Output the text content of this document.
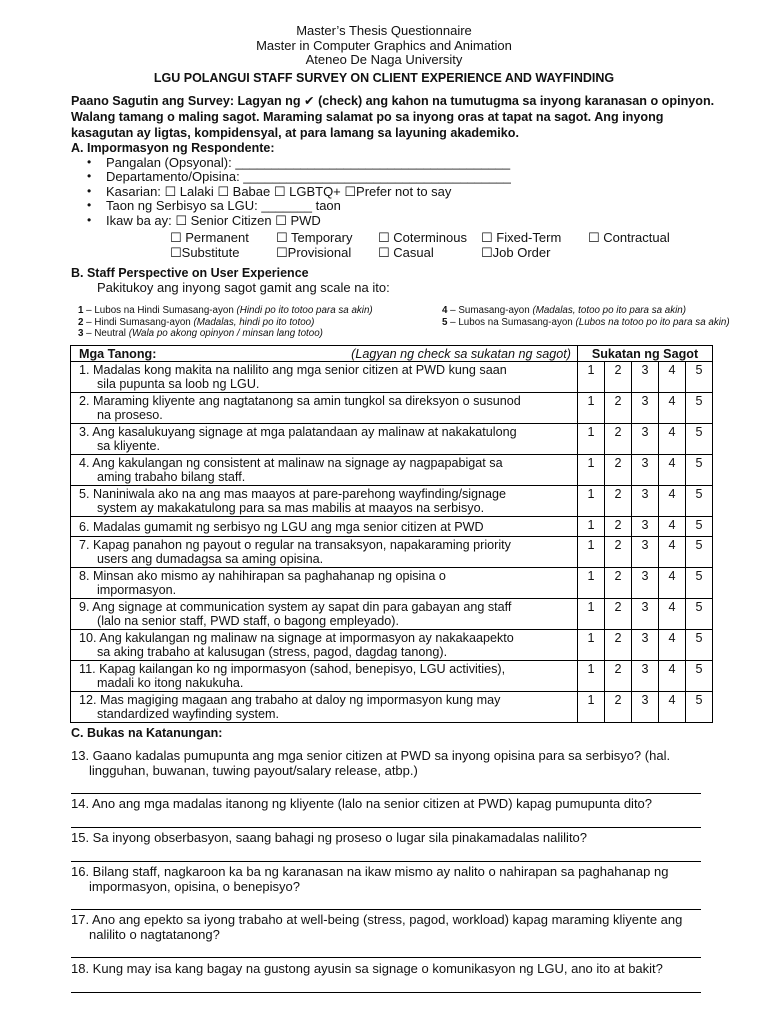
Master’s Thesis Questionnaire
Master in Computer Graphics and Animation
Ateneo De Naga University
LGU POLANGUI STAFF SURVEY ON CLIENT EXPERIENCE AND WAYFINDING
Paano Sagutin ang Survey: Lagyan ng ✔ (check) ang kahon na tumutugma sa inyong karanasan o opinyon. Walang tamang o maling sagot. Maraming salamat po sa inyong oras at tapat na sagot. Ang inyong kasagutan ay ligtas, kompidensyal, at para lamang sa layuning akademiko.
A. Impormasyon ng Respondente:
• Pangalan (Opsyonal): ______________________________________
• Departamento/Opisina: _____________________________________
• Kasarian: ☐ Lalaki ☐ Babae ☐ LGBTQ+ ☐Prefer not to say
• Taon ng Serbisyo sa LGU: _______ taon
• Ikaw ba ay: ☐ Senior Citizen ☐ PWD
☐ Permanent ☐ Temporary ☐ Coterminous ☐ Fixed-Term ☐ Contractual
☐Substitute	☐Provisional ☐ Casual	☐Job Order
B. Staff Perspective on User Experience
Pakitukoy ang inyong sagot gamit ang scale na ito:
1 – Lubos na Hindi Sumasang-ayon (Hindi po ito totoo para sa akin)
2 – Hindi Sumasang-ayon (Madalas, hindi po ito totoo)
3 – Neutral (Wala po akong opinyon / minsan lang totoo)
4 – Sumasang-ayon (Madalas, totoo po ito para sa akin)
5 – Lubos na Sumasang-ayon (Lubos na totoo po ito para sa akin)
Mga Tanong: (Lagyan ng check sa sukatan ng sagot)	Sukatan ng Sagot				

1. Madalas kong makita na nalilito ang mga senior citizen at PWD kung saan
sila pupunta sa loob ng LGU.	1	2	3	4	5

2. Maraming kliyente ang nagtatanong sa amin tungkol sa direksyon o susunod
na proseso.	1	2	3	4	5

3. Ang kasalukuyang signage at mga palatandaan ay malinaw at nakakatulong
sa kliyente.	1	2	3	4	5

4. Ang kakulangan ng consistent at malinaw na signage ay nagpapabigat sa
aming trabaho bilang staff.	1	2	3	4	5

5. Naniniwala ako na ang mas maayos at pare-parehong wayfinding/signage
system ay makakatulong para sa mas mabilis at maayos na serbisyo.	1	2	3	4	5

6. Madalas gumamit ng serbisyo ng LGU ang mga senior citizen at PWD	1	2	3	4	5

7. Kapag panahon ng payout o regular na transaksyon, napakaraming priority
users ang dumadagsa sa aming opisina.	1	2	3	4	5

8. Minsan ako mismo ay nahihirapan sa paghahanap ng opisina o
impormasyon.	1	2	3	4	5

9. Ang signage at communication system ay sapat din para gabayan ang staff
(lalo na senior staff, PWD staff, o bagong empleyado).	1	2	3	4	5

10. Ang kakulangan ng malinaw na signage at impormasyon ay nakakaapekto
sa aking trabaho at kalusugan (stress, pagod, dagdag tanong).	1	2	3	4	5

11. Kapag kailangan ko ng impormasyon (sahod, benepisyo, LGU activities),
madali ko itong nakukuha.	1	2	3	4	5

12. Mas magiging magaan ang trabaho at daloy ng impormasyon kung may
standardized wayfinding system.	1	2	3	4	5
C. Bukas na Katanungan:
13. Gaano kadalas pumupunta ang mga senior citizen at PWD sa inyong opisina para sa serbisyo? (hal.
lingguhan, buwanan, tuwing payout/salary release, atbp.)
14. Ano ang mga madalas itanong ng kliyente (lalo na senior citizen at PWD) kapag pumupunta dito?
15. Sa inyong obserbasyon, saang bahagi ng proseso o lugar sila pinakamadalas nalilito?
16. Bilang staff, nagkaroon ka ba ng karanasan na ikaw mismo ay nalito o nahirapan sa paghahanap ng
impormasyon, opisina, o benepisyo?
17. Ano ang epekto sa iyong trabaho at well-being (stress, pagod, workload) kapag maraming kliyente ang
nalilito o nagtatanong?
18. Kung may isa kang bagay na gustong ayusin sa signage o komunikasyon ng LGU, ano ito at bakit?
